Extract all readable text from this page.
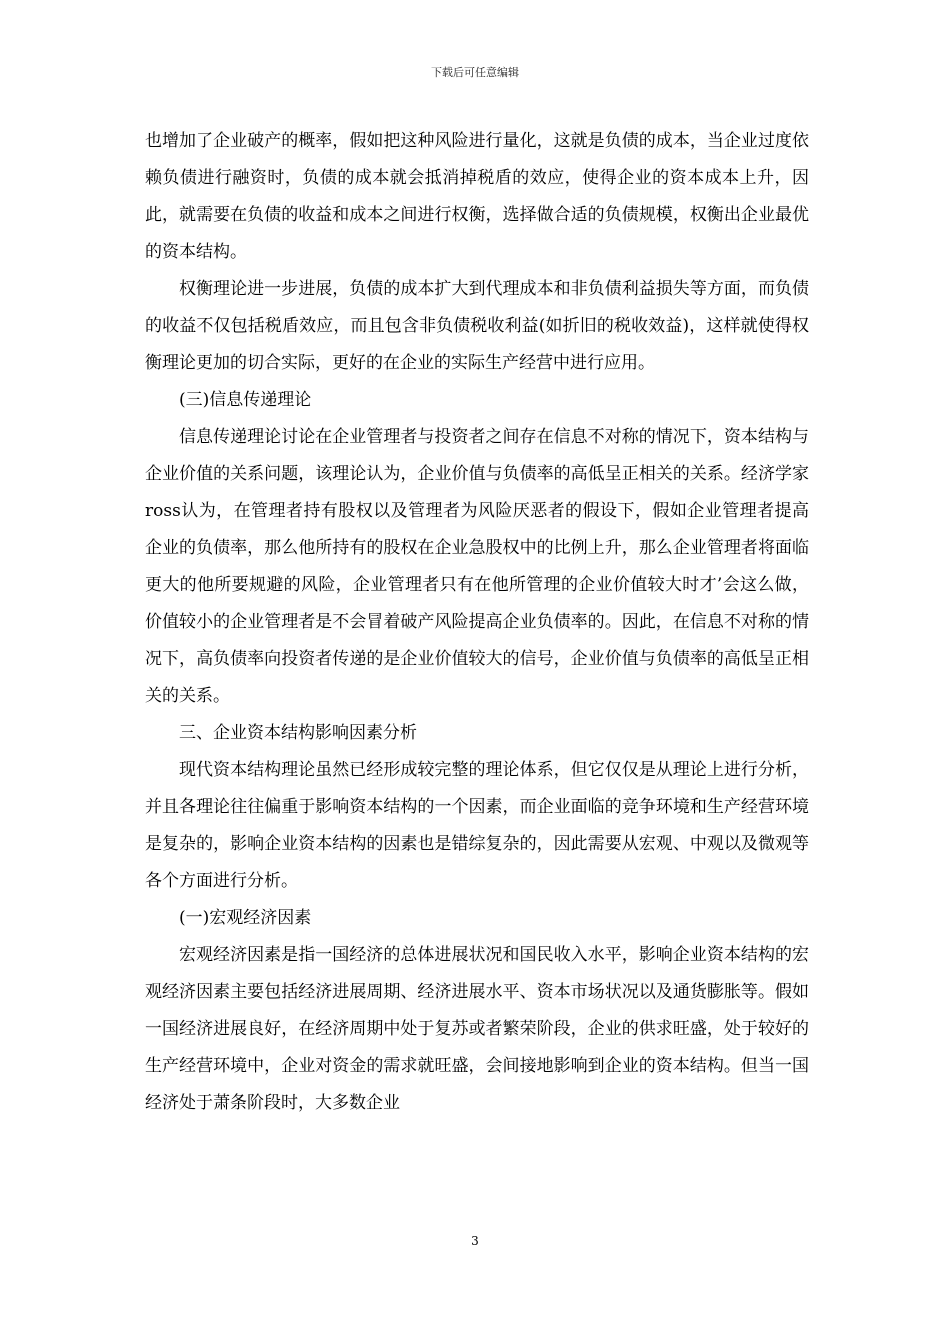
下载后可任意编辑

也增加了企业破产的概率，假如把这种风险进行量化，这就是负债的成本，当企业过度依赖负债进行融资时，负债的成本就会抵消掉税盾的效应，使得企业的资本成本上升，因此，就需要在负债的收益和成本之间进行权衡，选择做合适的负债规模，权衡出企业最优的资本结构。

权衡理论进一步进展，负债的成本扩大到代理成本和非负债利益损失等方面，而负债的收益不仅包括税盾效应，而且包含非负债税收利益(如折旧的税收效益)，这样就使得权衡理论更加的切合实际，更好的在企业的实际生产经营中进行应用。

(三)信息传递理论

信息传递理论讨论在企业管理者与投资者之间存在信息不对称的情况下，资本结构与企业价值的关系问题，该理论认为，企业价值与负债率的高低呈正相关的关系。经济学家ross认为，在管理者持有股权以及管理者为风险厌恶者的假设下，假如企业管理者提高企业的负债率，那么他所持有的股权在企业急股权中的比例上升，那么企业管理者将面临更大的他所要规避的风险，企业管理者只有在他所管理的企业价值较大时才’会这么做，价值较小的企业管理者是不会冒着破产风险提高企业负债率的。因此，在信息不对称的情况下，高负债率向投资者传递的是企业价值较大的信号，企业价值与负债率的高低呈正相关的关系。

三、企业资本结构影响因素分析

现代资本结构理论虽然已经形成较完整的理论体系，但它仅仅是从理论上进行分析，并且各理论往往偏重于影响资本结构的一个因素，而企业面临的竞争环境和生产经营环境是复杂的，影响企业资本结构的因素也是错综复杂的，因此需要从宏观、中观以及微观等各个方面进行分析。

(一)宏观经济因素

宏观经济因素是指一国经济的总体进展状况和国民收入水平，影响企业资本结构的宏观经济因素主要包括经济进展周期、经济进展水平、资本市场状况以及通货膨胀等。假如一国经济进展良好，在经济周期中处于复苏或者繁荣阶段，企业的供求旺盛，处于较好的生产经营环境中，企业对资金的需求就旺盛，会间接地影响到企业的资本结构。但当一国经济处于萧条阶段时，大多数企业

3
